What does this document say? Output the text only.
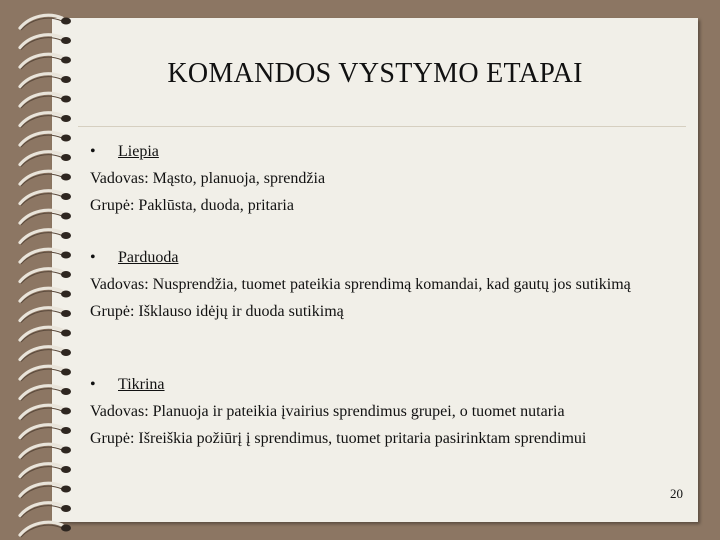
KOMANDOS VYSTYMO ETAPAI
•	Liepia

Vadovas: Mąsto, planuoja, sprendžia

Grupė: Paklūsta, duoda, pritaria

•	Parduoda

Vadovas: Nusprendžia, tuomet pateikia sprendimą komandai, kad gautų jos sutikimą

Grupė: Išklauso idėjų ir duoda sutikimą

•	Tikrina

Vadovas: Planuoja ir pateikia įvairius sprendimus grupei, o tuomet nutaria

Grupė: Išreiškia požiūrį į sprendimus, tuomet pritaria pasirinktam sprendimui

20
